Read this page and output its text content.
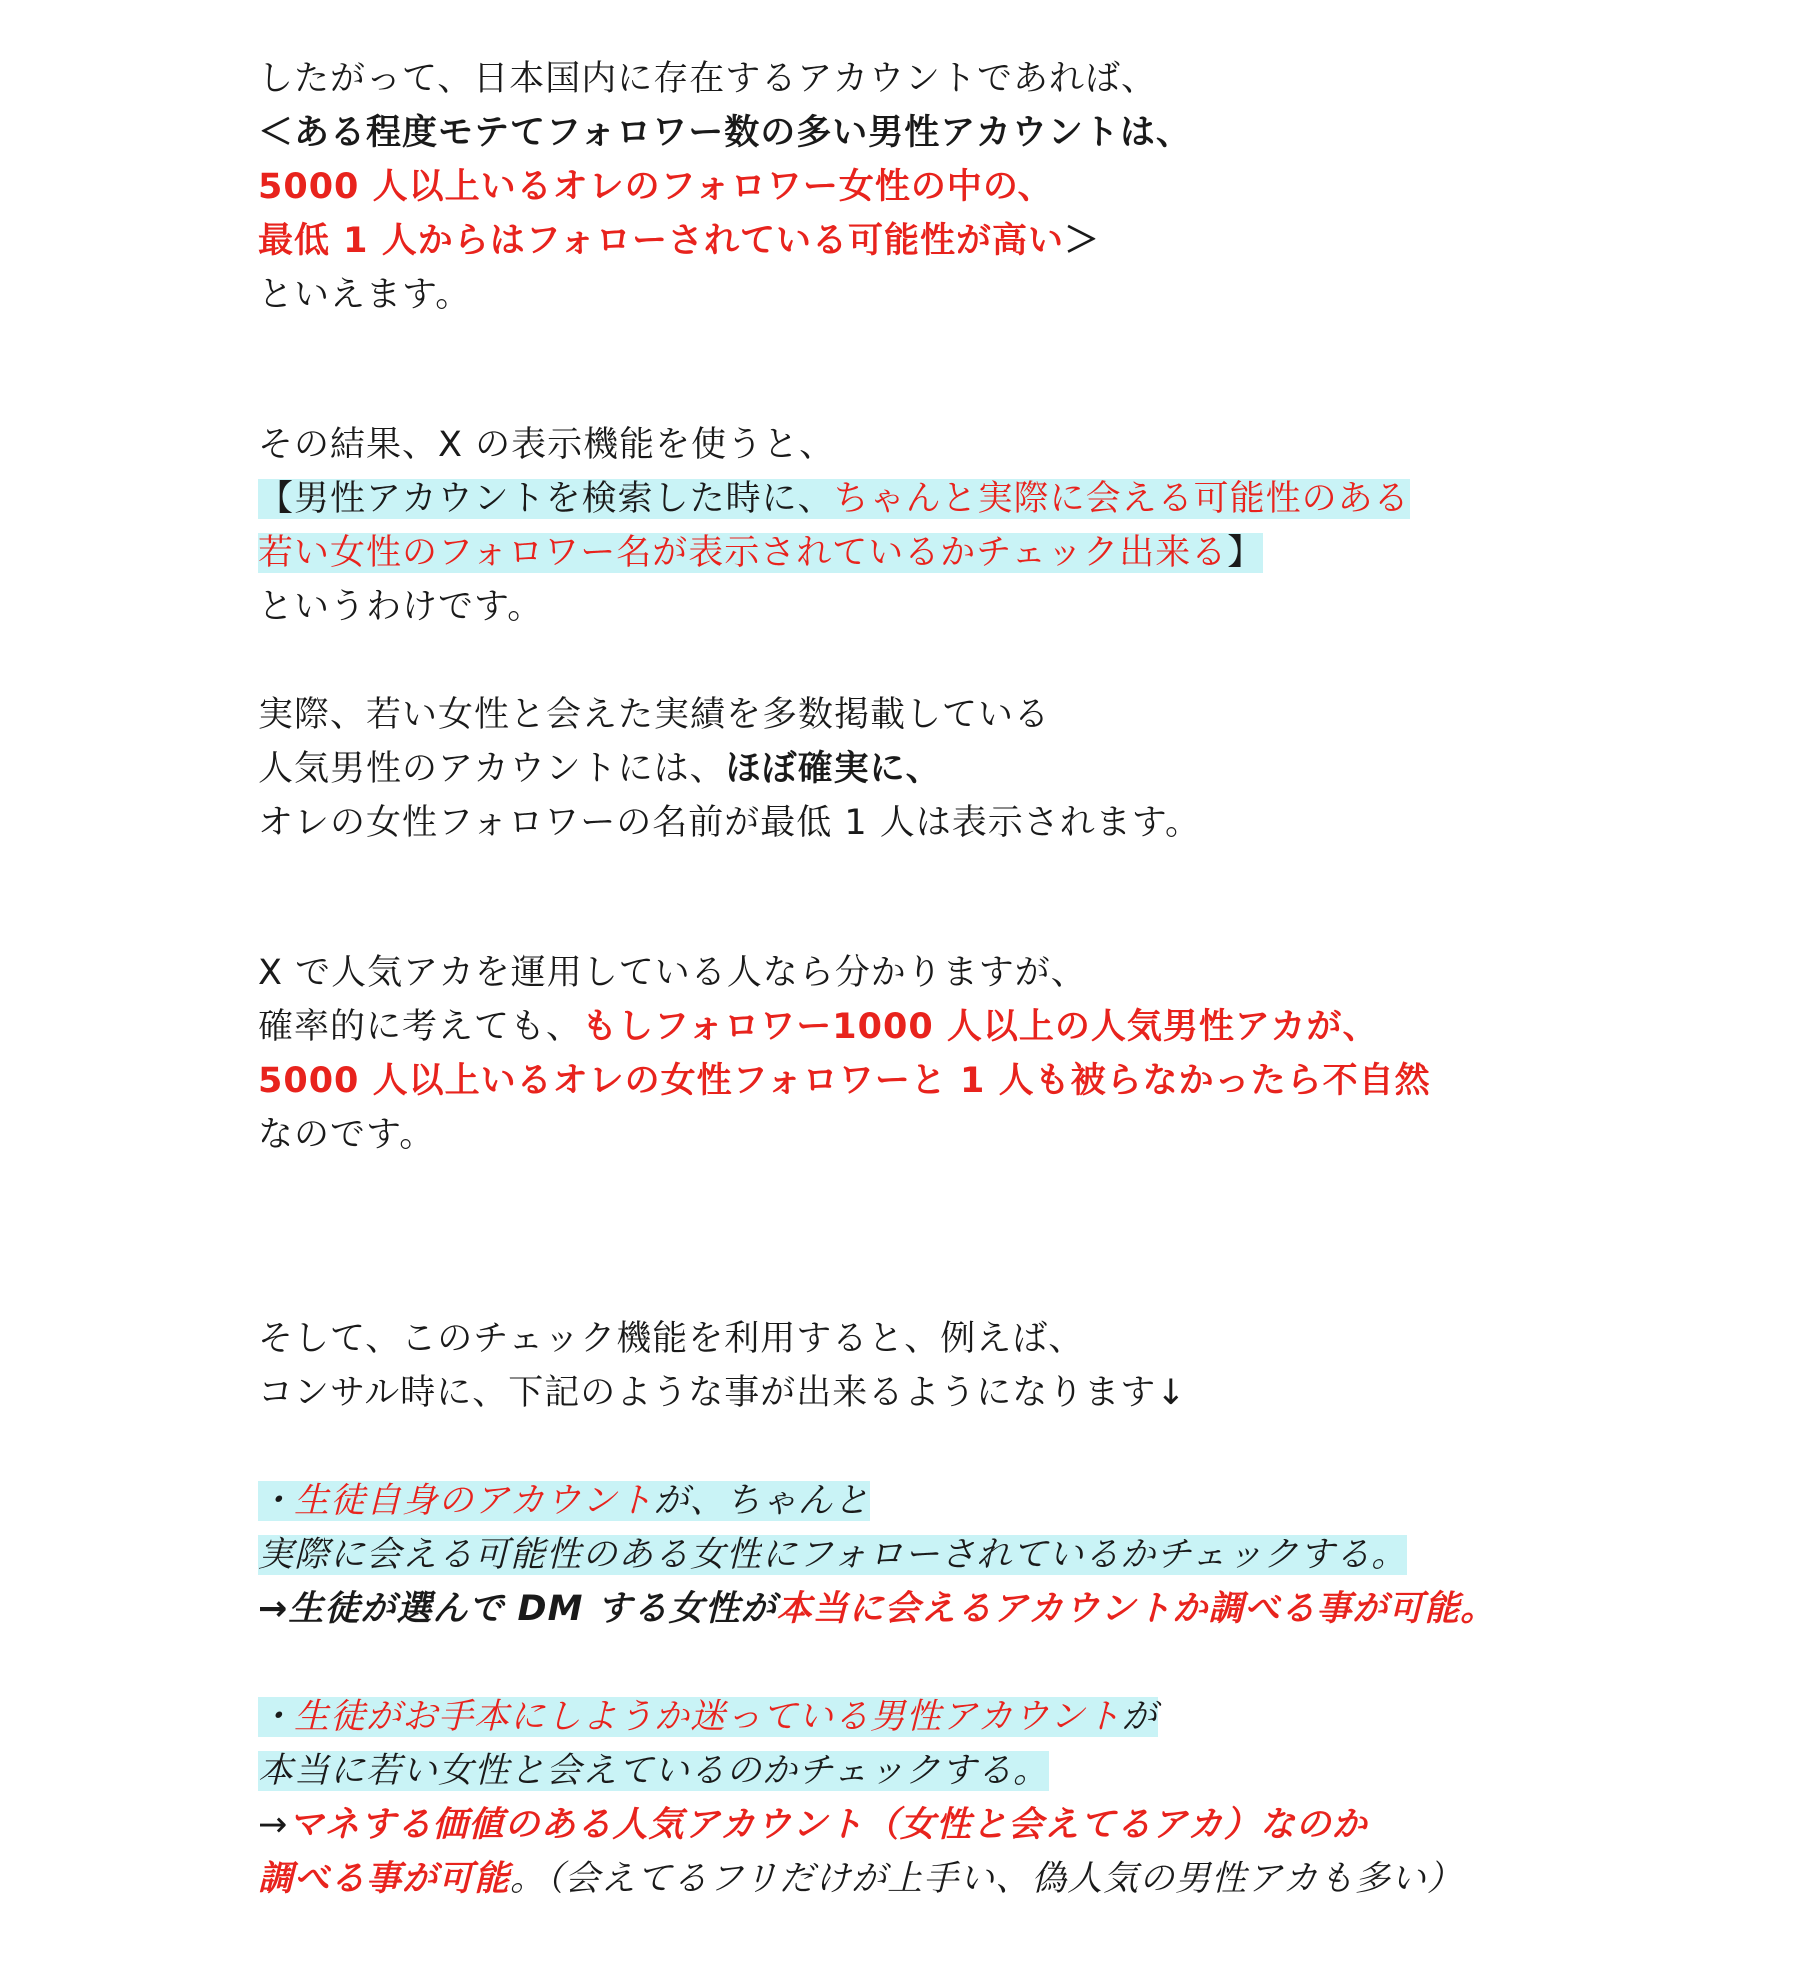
したがって、日本国内に存在するアカウントであれば、
＜ある程度モテてフォロワー数の多い男性アカウントは、
5000 人以上いるオレのフォロワー女性の中の、
最低 1 人からはフォローされている可能性が高い＞
といえます。
その結果、X の表示機能を使うと、
【男性アカウントを検索した時に、ちゃんと実際に会える可能性のある
若い女性のフォロワー名が表示されているかチェック出来る】
というわけです。
実際、若い女性と会えた実績を多数掲載している
人気男性のアカウントには、ほぼ確実に、
オレの女性フォロワーの名前が最低 1 人は表示されます。
X で人気アカを運用している人なら分かりますが、
確率的に考えても、もしフォロワー1000 人以上の人気男性アカが、
5000 人以上いるオレの女性フォロワーと 1 人も被らなかったら不自然
なのです。
そして、このチェック機能を利用すると、例えば、
コンサル時に、下記のような事が出来るようになります↓
・生徒自身のアカウントが、ちゃんと
実際に会える可能性のある女性にフォローされているかチェックする。
→生徒が選んで DM する女性が本当に会えるアカウントか調べる事が可能。
・生徒がお手本にしようか迷っている男性アカウントが
本当に若い女性と会えているのかチェックする。
→マネする価値のある人気アカウント（女性と会えてるアカ）なのか
調べる事が可能。（会えてるフリだけが上手い、偽人気の男性アカも多い）
